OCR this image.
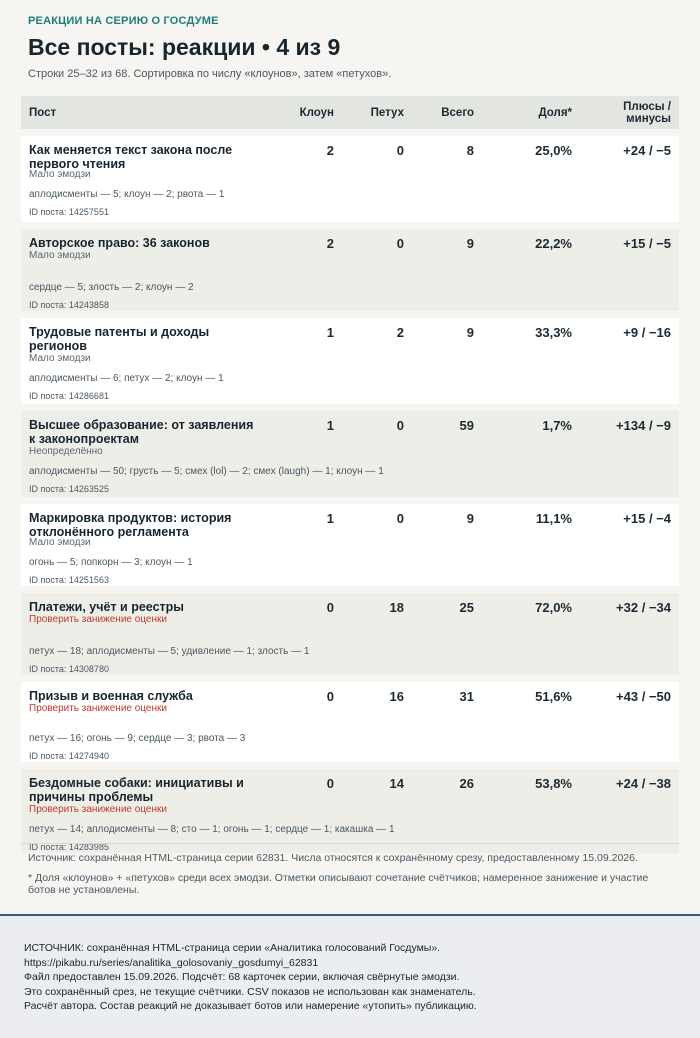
РЕАКЦИИ НА СЕРИЮ О ГОСДУМЕ
Все посты: реакции • 4 из 9
Строки 25–32 из 68. Сортировка по числу «клоунов», затем «петухов».
Пост	Клоун	Петух	Всего	Доля*	Плюсы / минусы

Как меняется текст закона после первого чтения
Мало эмодзи
аплодисменты — 5; клоун — 2; рвота — 1
ID поста: 14257551	2	0	8	25,0%	+24 / −5

Авторское право: 36 законов
Мало эмодзи
сердце — 5; злость — 2; клоун — 2
ID поста: 14243858	2	0	9	22,2%	+15 / −5

Трудовые патенты и доходы регионов
Мало эмодзи
аплодисменты — 6; петух — 2; клоун — 1
ID поста: 14286681	1	2	9	33,3%	+9 / −16

Высшее образование: от заявления к законопроектам
Неопределённо
аплодисменты — 50; грусть — 5; смех (lol) — 2; смех (laugh) — 1; клоун — 1
ID поста: 14263525	1	0	59	1,7%	+134 / −9

Маркировка продуктов: история отклонённого регламента
Мало эмодзи
огонь — 5; попкорн — 3; клоун — 1
ID поста: 14251563	1	0	9	11,1%	+15 / −4

Платежи, учёт и реестры
Проверить занижение оценки
петух — 18; аплодисменты — 5; удивление — 1; злость — 1
ID поста: 14308780	0	18	25	72,0%	+32 / −34

Призыв и военная служба
Проверить занижение оценки
петух — 16; огонь — 9; сердце — 3; рвота — 3
ID поста: 14274940	0	16	31	51,6%	+43 / −50

Бездомные собаки: инициативы и причины проблемы
Проверить занижение оценки
петух — 14; аплодисменты — 8; сто — 1; огонь — 1; сердце — 1; какашка — 1
ID поста: 14283985	0	14	26	53,8%	+24 / −38
Источник: сохранённая HTML-страница серии 62831. Числа относятся к сохранённому срезу, предоставленному 15.09.2026.
* Доля «клоунов» + «петухов» среди всех эмодзи. Отметки описывают сочетание счётчиков; намеренное занижение и участие ботов не установлены.
ИСТОЧНИК: сохранённая HTML-страница серии «Аналитика голосований Госдумы».
https://pikabu.ru/series/analitika_golosovaniy_gosdumyi_62831
Файл предоставлен 15.09.2026. Подсчёт: 68 карточек серии, включая свёрнутые эмодзи.
Это сохранённый срез, не текущие счётчики. CSV показов не использован как знаменатель.
Расчёт автора. Состав реакций не доказывает ботов или намерение «утопить» публикацию.
